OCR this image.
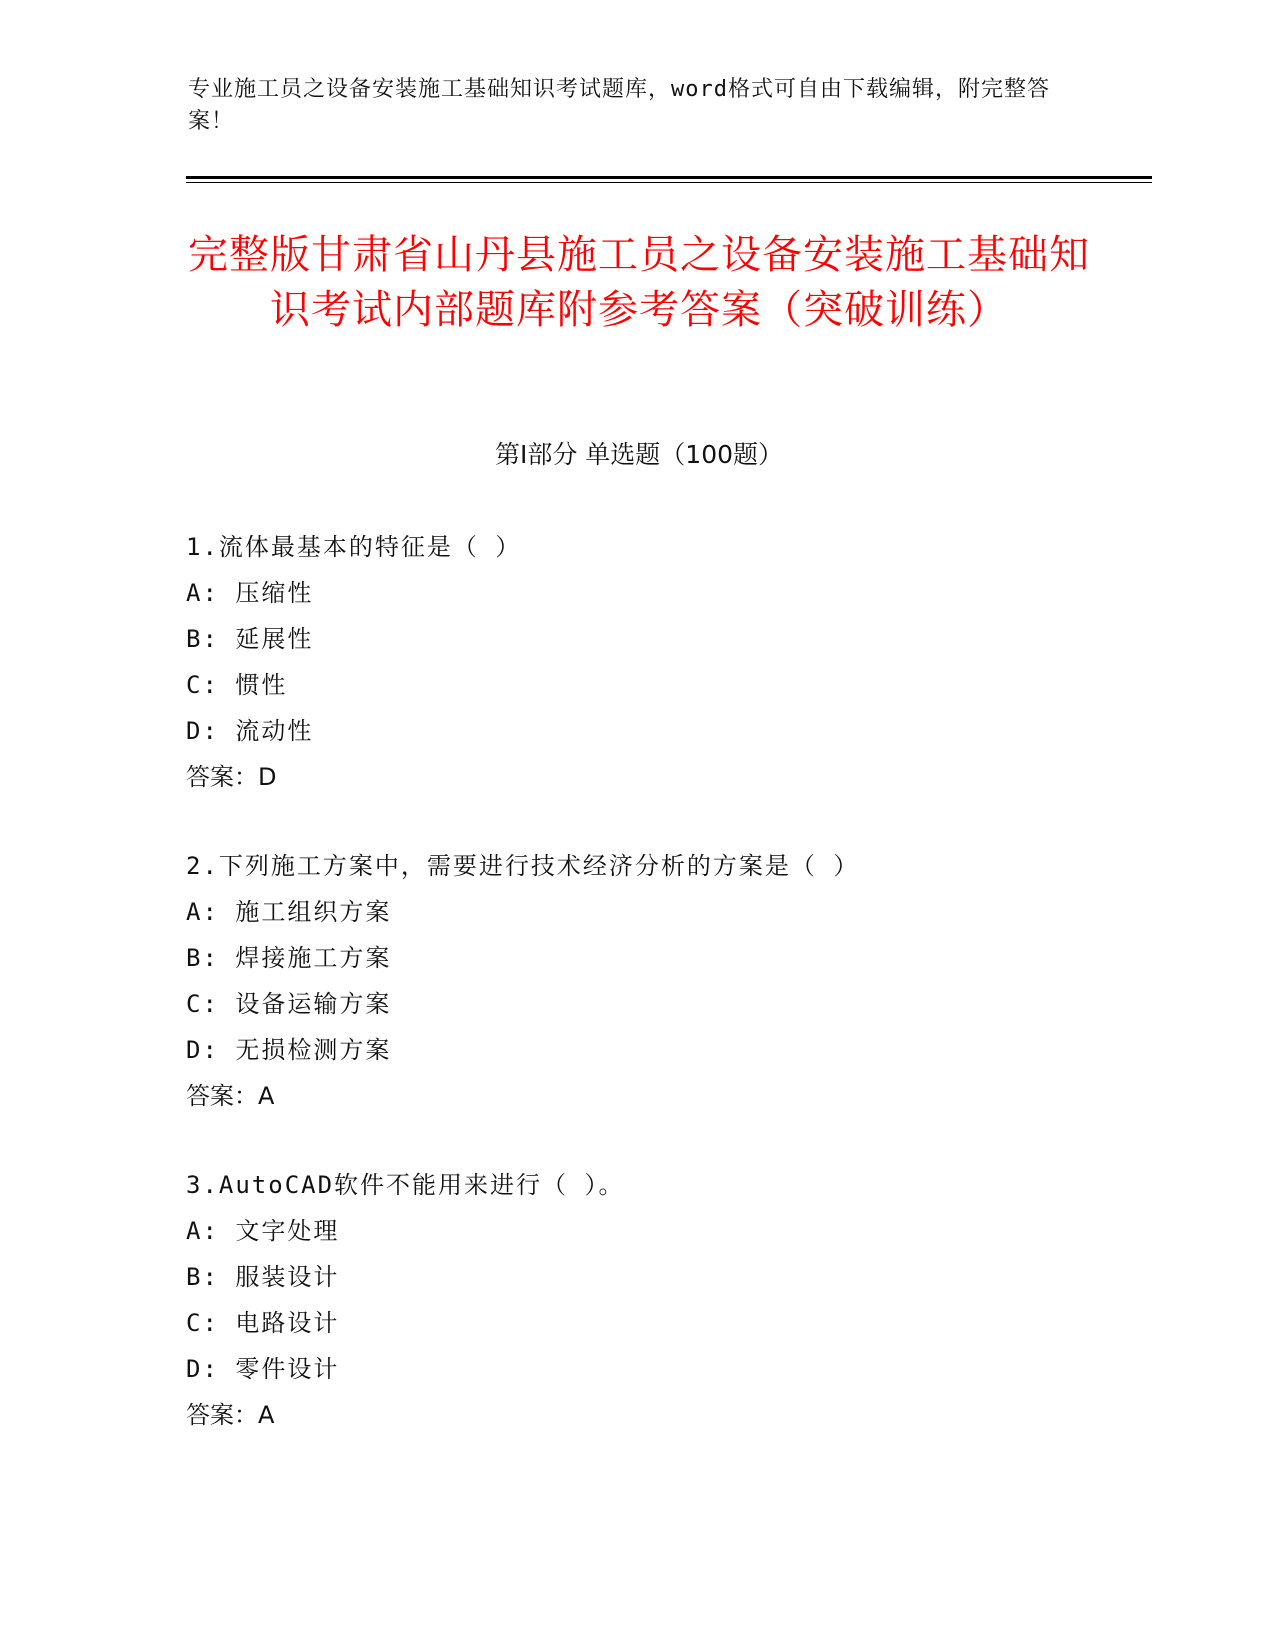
专业施工员之设备安装施工基础知识考试题库，word格式可自由下载编辑，附完整答案！
完整版甘肃省山丹县施工员之设备安装施工基础知识考试内部题库附参考答案（突破训练）
第I部分 单选题（100题）
1.流体最基本的特征是（ ）
A: 压缩性
B: 延展性
C: 惯性
D: 流动性
答案：D
2.下列施工方案中，需要进行技术经济分析的方案是（ ）
A: 施工组织方案
B: 焊接施工方案
C: 设备运输方案
D: 无损检测方案
答案：A
3.AutoCAD软件不能用来进行（ ）。
A: 文字处理
B: 服装设计
C: 电路设计
D: 零件设计
答案：A
